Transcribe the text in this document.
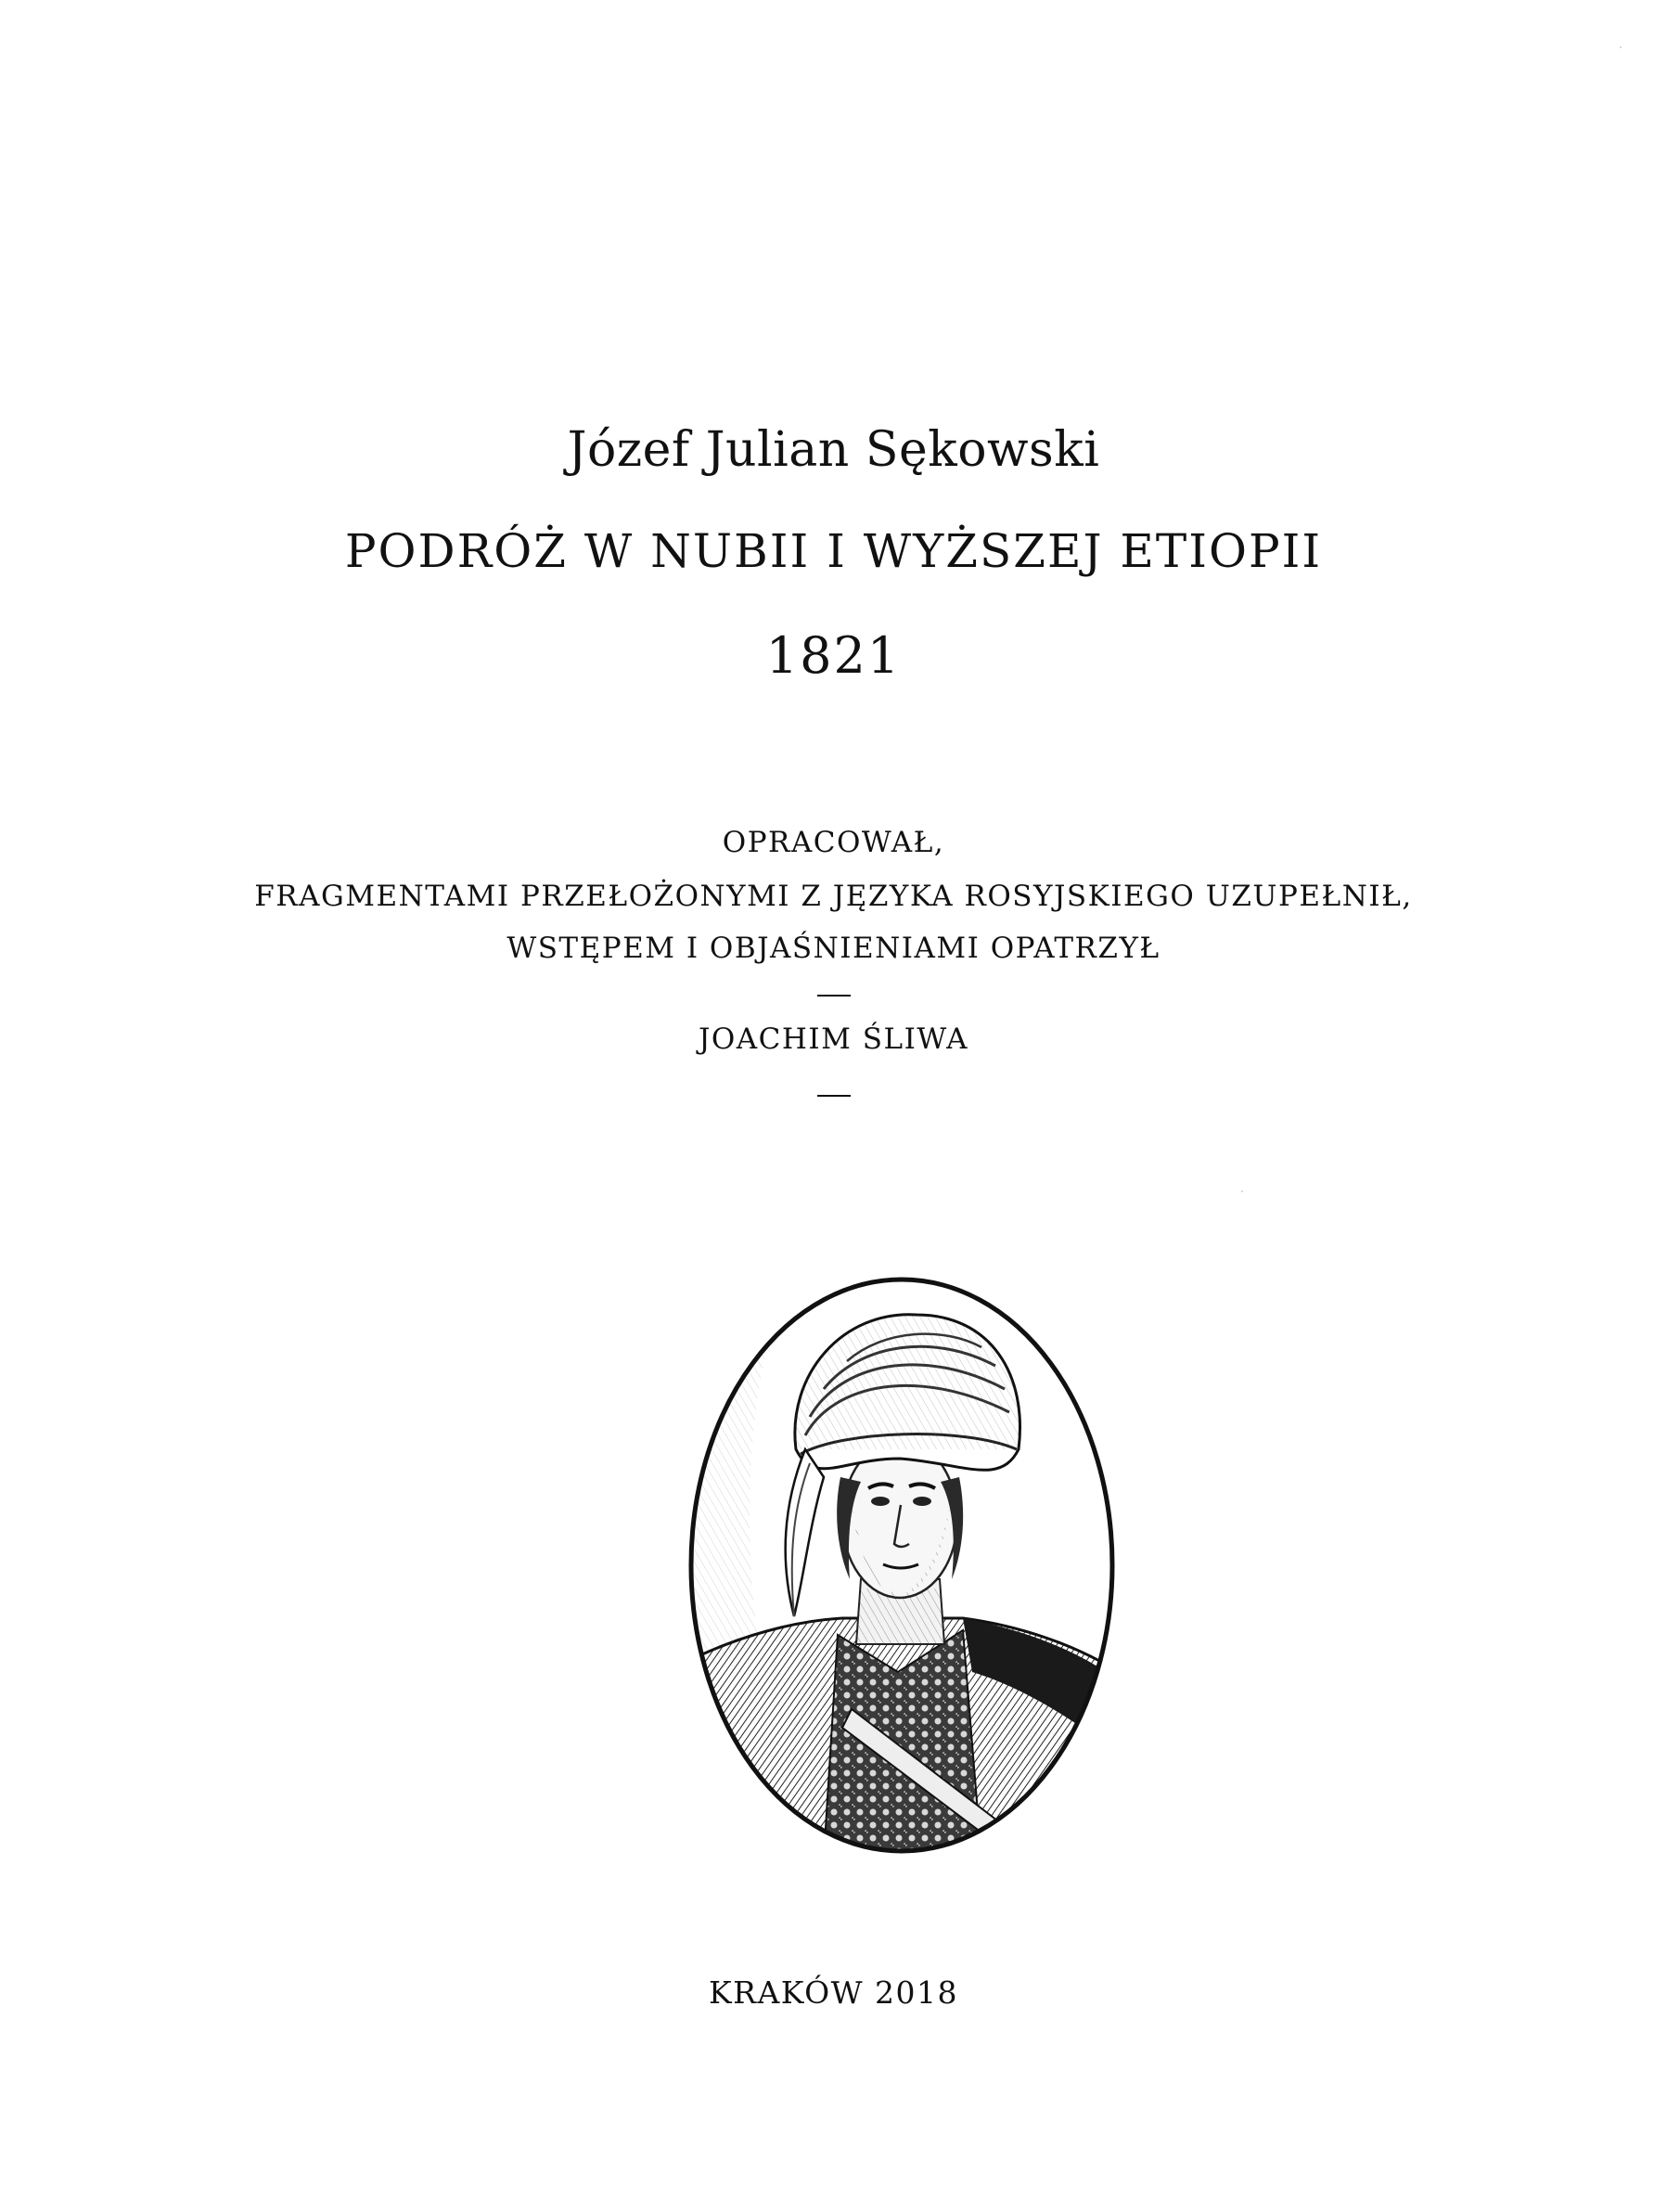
Józef Julian Sękowski
PODRÓŻ W NUBII I WYŻSZEJ ETIOPII
1821
OPRACOWAŁ,
FRAGMENTAMI PRZEŁOŻONYMI Z JĘZYKA ROSYJSKIEGO UZUPEŁNIŁ,
WSTĘPEM I OBJAŚNIENIAMI OPATRZYŁ
JOACHIM ŚLIWA
KRAKÓW 2018
